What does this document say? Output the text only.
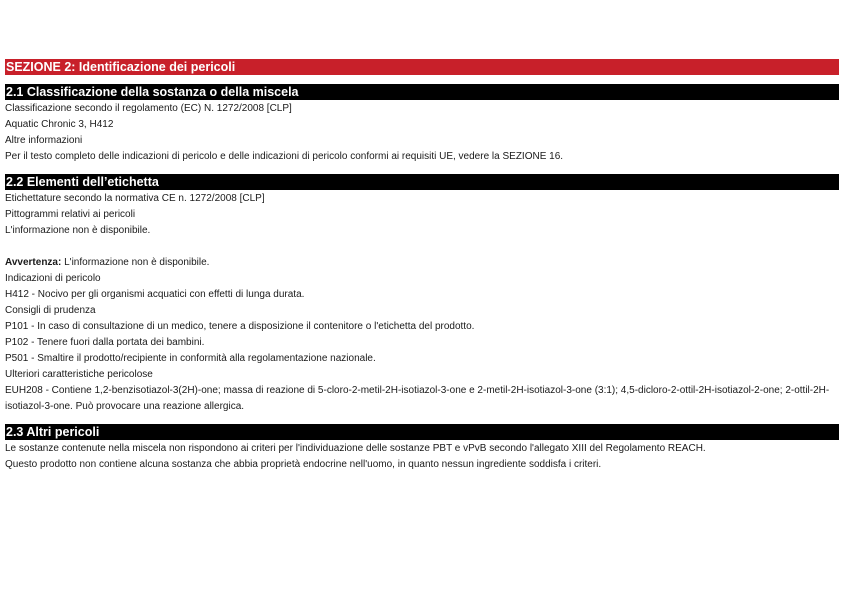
SEZIONE 2: Identificazione dei pericoli
2.1 Classificazione della sostanza o della miscela
Classificazione secondo il regolamento (EC) N. 1272/2008 [CLP]
Aquatic Chronic 3, H412
Altre informazioni
Per il testo completo delle indicazioni di pericolo e delle indicazioni di pericolo conformi ai requisiti UE, vedere la SEZIONE 16.
2.2 Elementi dell’etichetta
Etichettature secondo la normativa CE n. 1272/2008 [CLP]
Pittogrammi relativi ai pericoli
L'informazione non è disponibile.
Avvertenza: L'informazione non è disponibile.
Indicazioni di pericolo
H412 - Nocivo per gli organismi acquatici con effetti di lunga durata.
Consigli di prudenza
P101 - In caso di consultazione di un medico, tenere a disposizione il contenitore o l'etichetta del prodotto.
P102 - Tenere fuori dalla portata dei bambini.
P501 - Smaltire il prodotto/recipiente in conformità alla regolamentazione nazionale.
Ulteriori caratteristiche pericolose
EUH208 - Contiene 1,2-benzisotiazol-3(2H)-one; massa di reazione di 5-cloro-2-metil-2H-isotiazol-3-one e 2-metil-2H-isotiazol-3-one (3:1); 4,5-dicloro-2-ottil-2H-isotiazol-2-one; 2-ottil-2H-isotiazol-3-one. Può provocare una reazione allergica.
2.3 Altri pericoli
Le sostanze contenute nella miscela non rispondono ai criteri per l'individuazione delle sostanze PBT e vPvB secondo l'allegato XIII del Regolamento REACH.
Questo prodotto non contiene alcuna sostanza che abbia proprietà endocrine nell'uomo, in quanto nessun ingrediente soddisfa i criteri.
